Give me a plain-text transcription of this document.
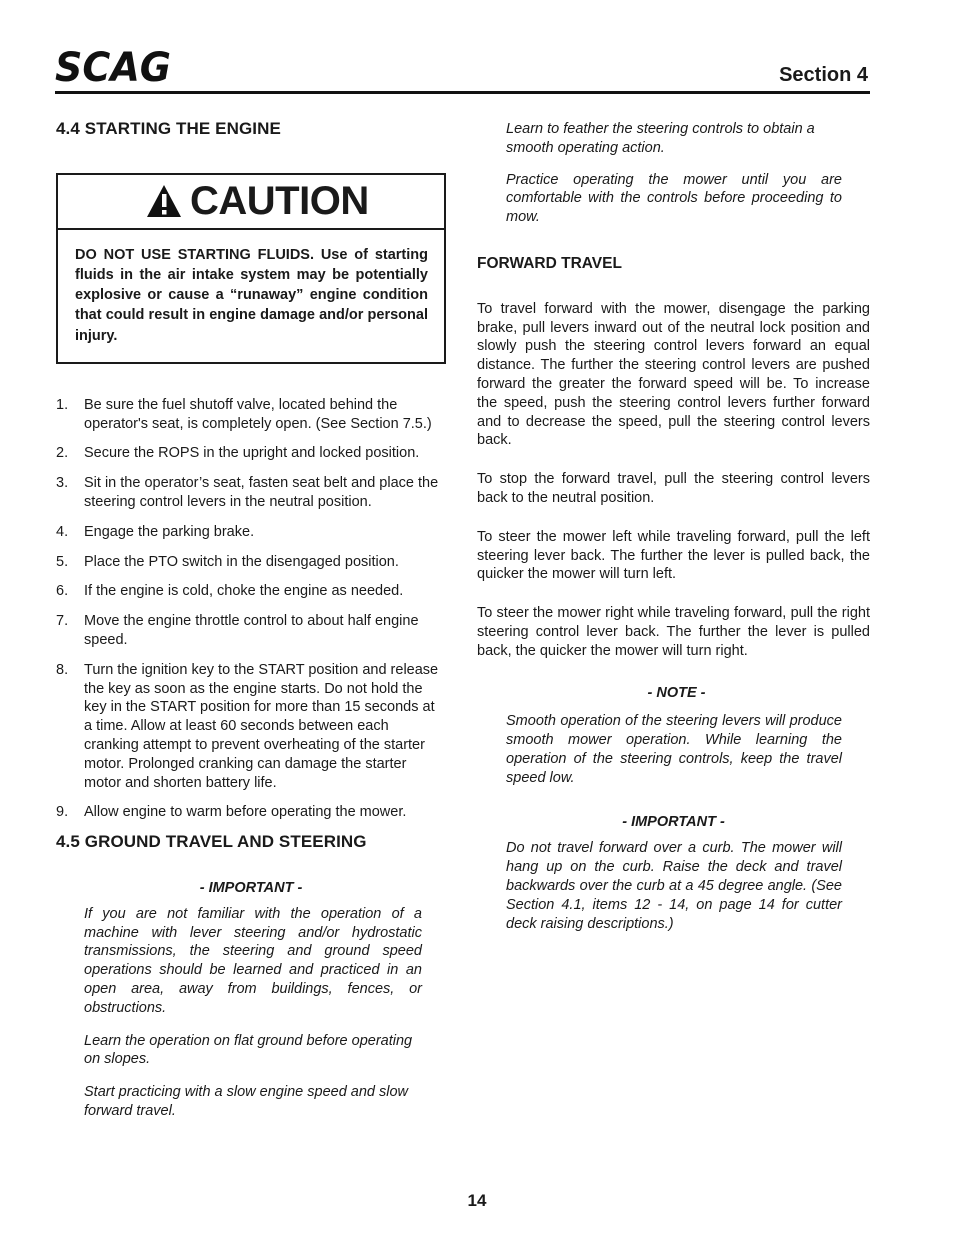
SCAG	Section 4
4.4 STARTING THE ENGINE
CAUTION
DO NOT USE STARTING FLUIDS. Use of starting fluids in the air intake system may be potentially explosive or cause a “runaway” engine condition that could result in engine damage and/or personal injury.
1.	Be sure the fuel shutoff valve, located behind the operator's seat, is completely open. (See Section 7.5.)
2.	Secure the ROPS in the upright and locked position.
3.	Sit in the operator’s seat, fasten seat belt and place the steering control levers in the neutral position.
4.	Engage the parking brake.
5.	Place the PTO switch in the disengaged position.
6.	If the engine is cold, choke the engine as needed.
7.	Move the engine throttle control to about half engine speed.
8.	Turn the ignition key to the START position and release the key as soon as the engine starts. Do not hold the key in the START position for more than 15 seconds at a time. Allow at least 60 seconds between each cranking attempt to prevent overheating of the starter motor. Prolonged cranking can damage the starter motor and shorten battery life.
9.	Allow engine to warm before operating the mower.
4.5 GROUND TRAVEL AND STEERING
- IMPORTANT -
If you are not familiar with the operation of a machine with lever steering and/or hydrostatic transmissions, the steering and ground speed operations should be learned and practiced in an open area, away from buildings, fences, or obstructions.
Learn the operation on flat ground before operating on slopes.
Start practicing with a slow engine speed and slow forward travel.
Learn to feather the steering controls to obtain a smooth operating action.
Practice operating the mower until you are comfortable with the controls before proceeding to mow.
FORWARD TRAVEL
To travel forward with the mower, disengage the parking brake, pull levers inward out of the neutral lock position and slowly push the steering control levers forward an equal distance. The further the steering control levers are pushed forward the greater the forward speed will be. To increase the speed, push the steering control levers further forward and to decrease the speed, pull the steering control levers back.
To stop the forward travel, pull the steering control levers back to the neutral position.
To steer the mower left while traveling forward, pull the left steering lever back. The further the lever is pulled back, the quicker the mower will turn left.
To steer the mower right while traveling forward, pull the right steering control lever back. The further the lever is pulled back, the quicker the mower will turn right.
- NOTE -
Smooth operation of the steering levers will produce smooth mower operation. While learning the operation of the steering controls, keep the travel speed low.
- IMPORTANT -
Do not travel forward over a curb. The mower will hang up on the curb. Raise the deck and travel backwards over the curb at a 45 degree angle. (See Section 4.1, items 12 - 14, on page 14 for cutter deck raising descriptions.)
14
